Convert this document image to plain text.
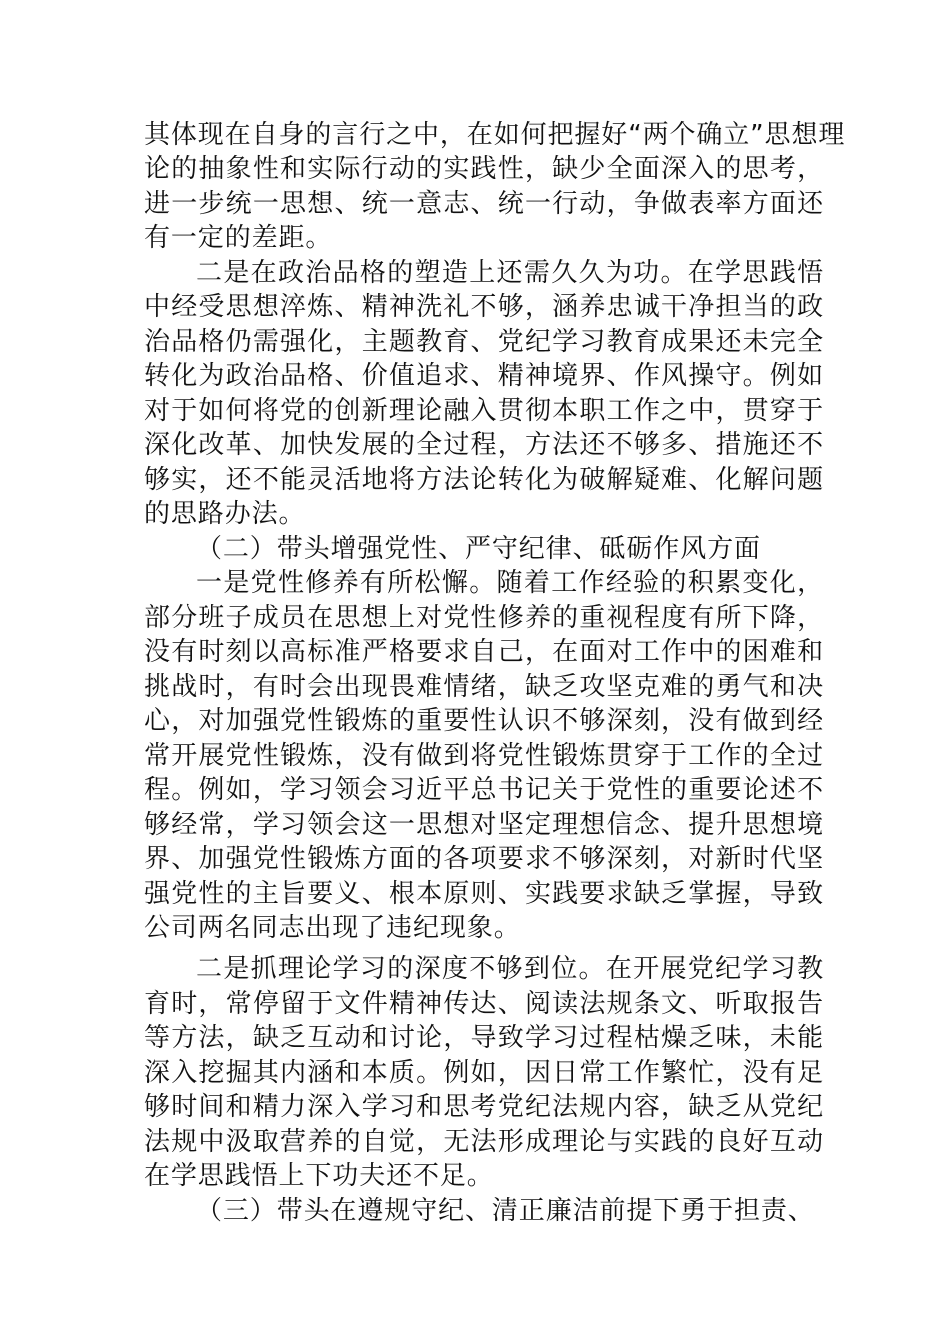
其体现在自身的言行之中，在如何把握好“两个确立”思想理
论的抽象性和实际行动的实践性，缺少全面深入的思考，
进一步统一思想、统一意志、统一行动，争做表率方面还
有一定的差距。
二是在政治品格的塑造上还需久久为功。在学思践悟
中经受思想淬炼、精神洗礼不够，涵养忠诚干净担当的政
治品格仍需强化，主题教育、党纪学习教育成果还未完全
转化为政治品格、价值追求、精神境界、作风操守。例如
对于如何将党的创新理论融入贯彻本职工作之中，贯穿于
深化改革、加快发展的全过程，方法还不够多、措施还不
够实，还不能灵活地将方法论转化为破解疑难、化解问题
的思路办法。
（二）带头增强党性、严守纪律、砥砺作风方面
一是党性修养有所松懈。随着工作经验的积累变化，
部分班子成员在思想上对党性修养的重视程度有所下降，
没有时刻以高标准严格要求自己，在面对工作中的困难和
挑战时，有时会出现畏难情绪，缺乏攻坚克难的勇气和决
心，对加强党性锻炼的重要性认识不够深刻，没有做到经
常开展党性锻炼，没有做到将党性锻炼贯穿于工作的全过
程。例如，学习领会习近平总书记关于党性的重要论述不
够经常，学习领会这一思想对坚定理想信念、提升思想境
界、加强党性锻炼方面的各项要求不够深刻，对新时代坚
强党性的主旨要义、根本原则、实践要求缺乏掌握，导致
公司两名同志出现了违纪现象。
二是抓理论学习的深度不够到位。在开展党纪学习教
育时，常停留于文件精神传达、阅读法规条文、听取报告
等方法，缺乏互动和讨论，导致学习过程枯燥乏味，未能
深入挖掘其内涵和本质。例如，因日常工作繁忙，没有足
够时间和精力深入学习和思考党纪法规内容，缺乏从党纪
法规中汲取营养的自觉，无法形成理论与实践的良好互动
在学思践悟上下功夫还不足。
（三）带头在遵规守纪、清正廉洁前提下勇于担责、
